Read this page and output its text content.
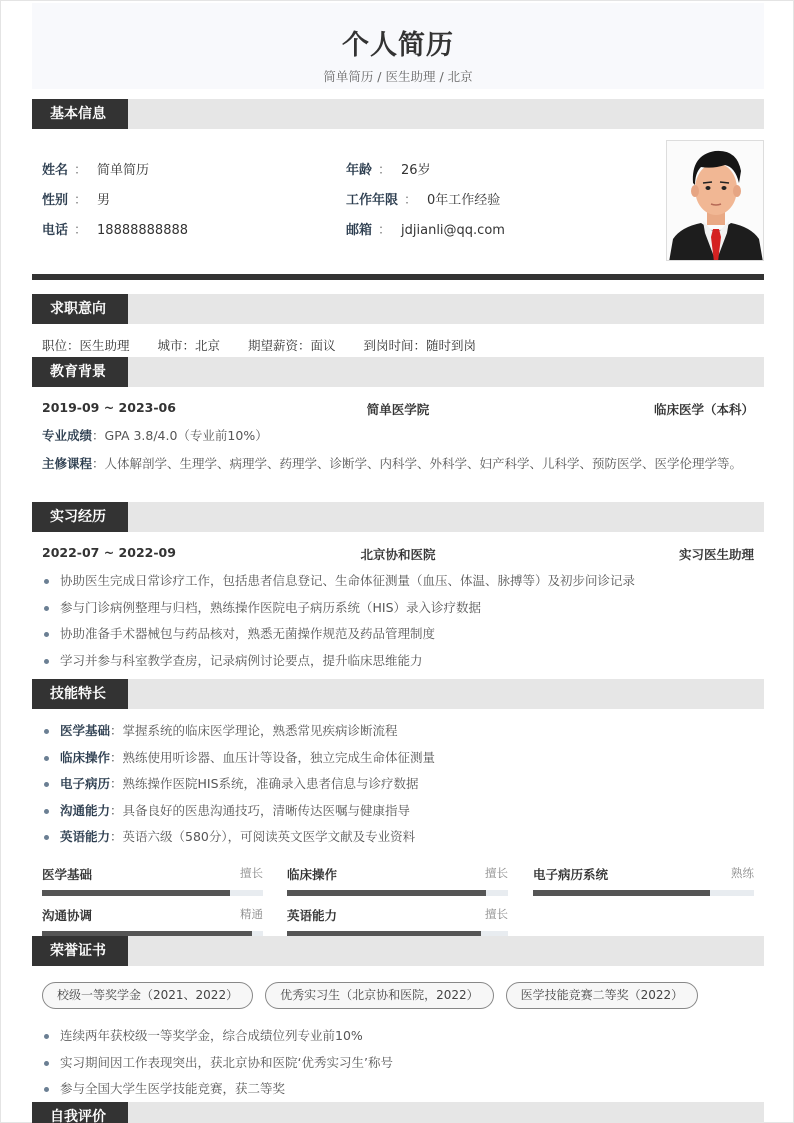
个人简历
简单简历 / 医生助理 / 北京
基本信息
姓名 ： 简单简历
性别 ： 男
电话 ： 18888888888
年龄 ： 26岁
工作年限 ： 0年工作经验
邮箱 ： jdjianli@qq.com
求职意向
职位：医生助理 城市：北京 期望薪资：面议 到岗时间：随时到岗
教育背景
2019-09 ~ 2023-06	简单医学院	临床医学（本科）
专业成绩：GPA 3.8/4.0（专业前10%）
主修课程：人体解剖学、生理学、病理学、药理学、诊断学、内科学、外科学、妇产科学、儿科学、预防医学、医学伦理学等。
实习经历
2022-07 ~ 2022-09	北京协和医院	实习医生助理
协助医生完成日常诊疗工作，包括患者信息登记、生命体征测量（血压、体温、脉搏等）及初步问诊记录
参与门诊病例整理与归档，熟练操作医院电子病历系统（HIS）录入诊疗数据
协助准备手术器械包与药品核对，熟悉无菌操作规范及药品管理制度
学习并参与科室教学查房，记录病例讨论要点，提升临床思维能力
技能特长
医学基础：掌握系统的临床医学理论，熟悉常见疾病诊断流程
临床操作：熟练使用听诊器、血压计等设备，独立完成生命体征测量
电子病历：熟练操作医院HIS系统，准确录入患者信息与诊疗数据
沟通能力：具备良好的医患沟通技巧，清晰传达医嘱与健康指导
英语能力：英语六级（580分），可阅读英文医学文献及专业资料
医学基础	擅长 临床操作	擅长 电子病历系统	熟练
沟通协调	精通 英语能力	擅长
荣誉证书
校级一等奖学金（2021、2022）	优秀实习生（北京协和医院，2022）	医学技能竞赛二等奖（2022）
连续两年获校级一等奖学金，综合成绩位列专业前10%
实习期间因工作表现突出，获北京协和医院‘优秀实习生’称号
参与全国大学生医学技能竞赛，获二等奖
自我评价
